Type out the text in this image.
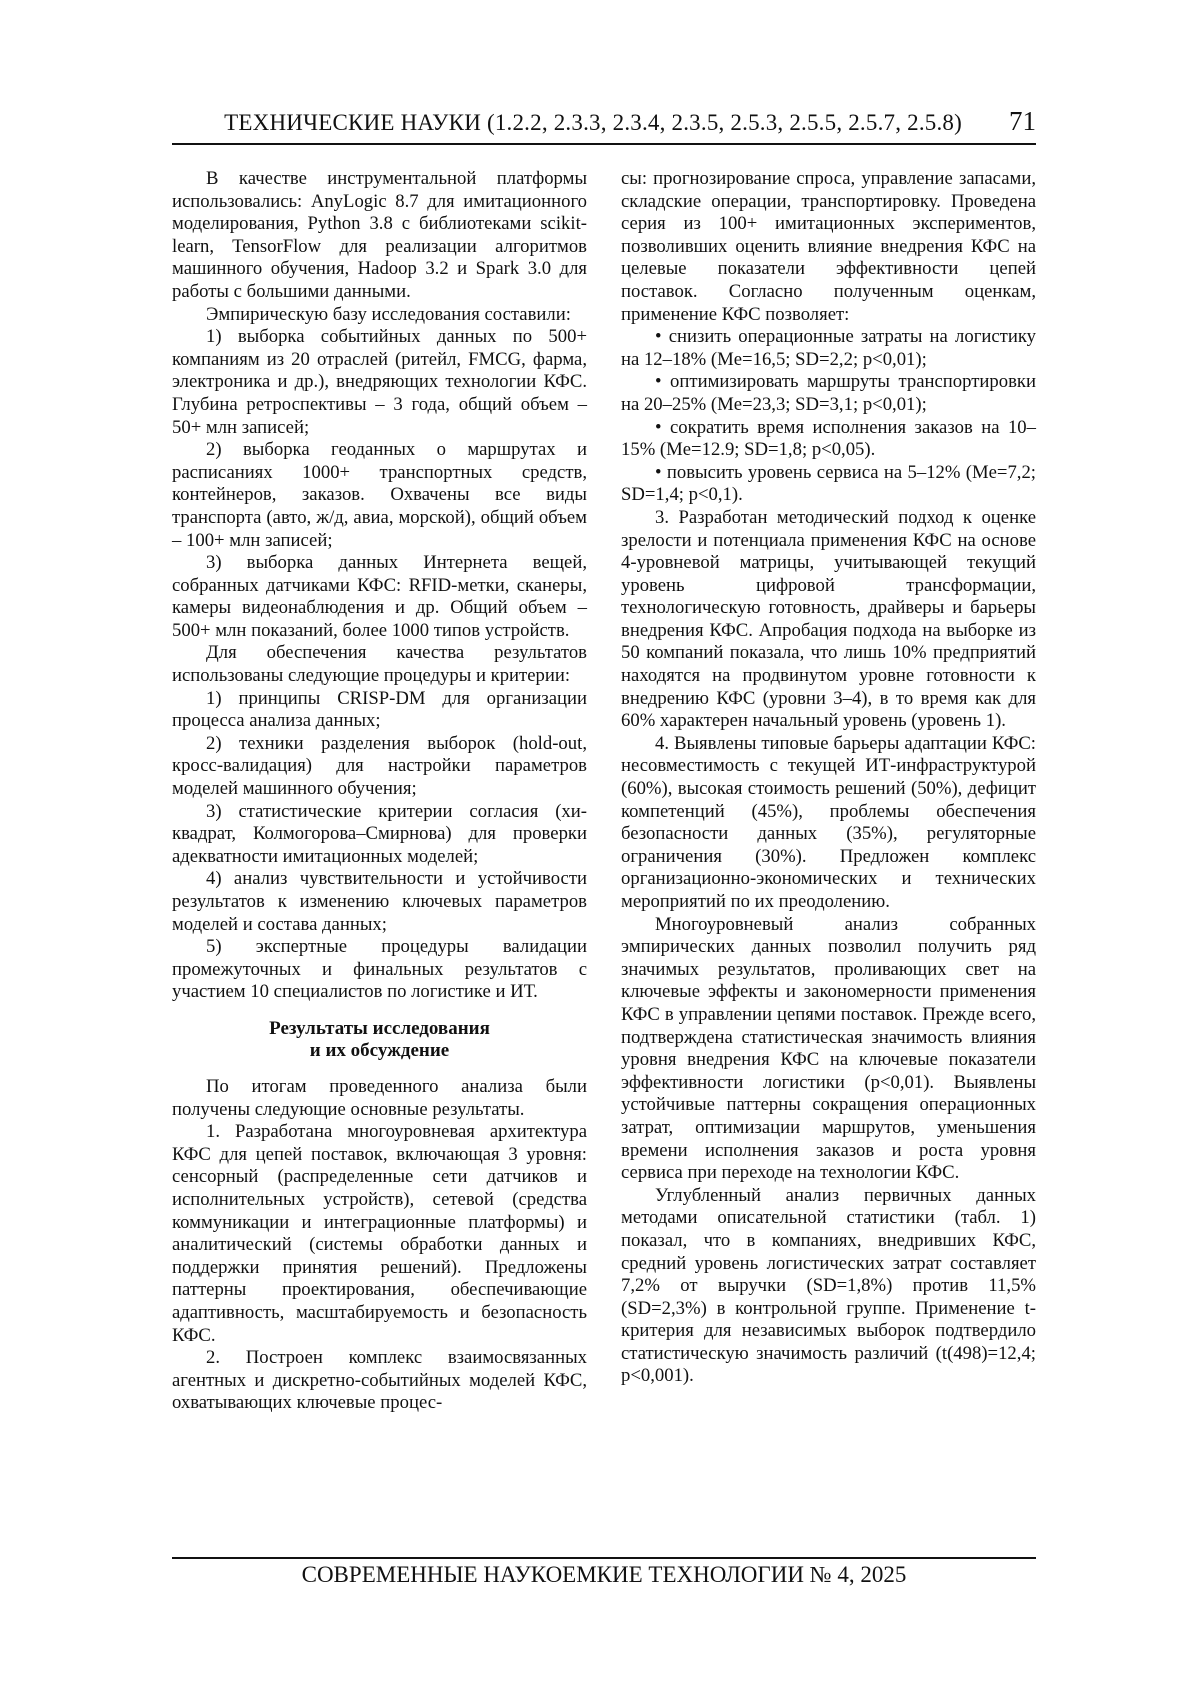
ТЕХНИЧЕСКИЕ НАУКИ (1.2.2, 2.3.3, 2.3.4, 2.3.5, 2.5.3, 2.5.5, 2.5.7, 2.5.8) 71

В качестве инструментальной платформы использовались: AnyLogic 8.7 для имитационного моделирования, Python 3.8 с библиотеками scikit-learn, TensorFlow для реализации алгоритмов машинного обучения, Hadoop 3.2 и Spark 3.0 для работы с большими данными.

Эмпирическую базу исследования составили:

1) выборка событийных данных по 500+ компаниям из 20 отраслей (ритейл, FMCG, фарма, электроника и др.), внедряющих технологии КФС. Глубина ретроспективы – 3 года, общий объем – 50+ млн записей;

2) выборка геоданных о маршрутах и расписаниях 1000+ транспортных средств, контейнеров, заказов. Охвачены все виды транспорта (авто, ж/д, авиа, морской), общий объем – 100+ млн записей;

3) выборка данных Интернета вещей, собранных датчиками КФС: RFID-метки, сканеры, камеры видеонаблюдения и др. Общий объем – 500+ млн показаний, более 1000 типов устройств.

Для обеспечения качества результатов использованы следующие процедуры и критерии:

1) принципы CRISP-DM для организации процесса анализа данных;

2) техники разделения выборок (hold-out, кросс-валидация) для настройки параметров моделей машинного обучения;

3) статистические критерии согласия (хи-квадрат, Колмогорова–Смирнова) для проверки адекватности имитационных моделей;

4) анализ чувствительности и устойчивости результатов к изменению ключевых параметров моделей и состава данных;

5) экспертные процедуры валидации промежуточных и финальных результатов с участием 10 специалистов по логистике и ИТ.

Результаты исследования
и их обсуждение

По итогам проведенного анализа были получены следующие основные результаты.

1. Разработана многоуровневая архитектура КФС для цепей поставок, включающая 3 уровня: сенсорный (распределенные сети датчиков и исполнительных устройств), сетевой (средства коммуникации и интеграционные платформы) и аналитический (системы обработки данных и поддержки принятия решений). Предложены паттерны проектирования, обеспечивающие адаптивность, масштабируемость и безопасность КФС.

2. Построен комплекс взаимосвязанных агентных и дискретно-событийных моделей КФС, охватывающих ключевые процес-

сы: прогнозирование спроса, управление запасами, складские операции, транспортировку. Проведена серия из 100+ имитационных экспериментов, позволивших оценить влияние внедрения КФС на целевые показатели эффективности цепей поставок. Согласно полученным оценкам, применение КФС позволяет:

• снизить операционные затраты на логистику на 12–18% (Me=16,5; SD=2,2; p<0,01);

• оптимизировать маршруты транспортировки на 20–25% (Me=23,3; SD=3,1; p<0,01);

• сократить время исполнения заказов на 10–15% (Me=12.9; SD=1,8; p<0,05).

• повысить уровень сервиса на 5–12% (Me=7,2; SD=1,4; p<0,1).

3. Разработан методический подход к оценке зрелости и потенциала применения КФС на основе 4-уровневой матрицы, учитывающей текущий уровень цифровой трансформации, технологическую готовность, драйверы и барьеры внедрения КФС. Апробация подхода на выборке из 50 компаний показала, что лишь 10% предприятий находятся на продвинутом уровне готовности к внедрению КФС (уровни 3–4), в то время как для 60% характерен начальный уровень (уровень 1).

4. Выявлены типовые барьеры адаптации КФС: несовместимость с текущей ИТ-инфраструктурой (60%), высокая стоимость решений (50%), дефицит компетенций (45%), проблемы обеспечения безопасности данных (35%), регуляторные ограничения (30%). Предложен комплекс организационно-экономических и технических мероприятий по их преодолению.

Многоуровневый анализ собранных эмпирических данных позволил получить ряд значимых результатов, проливающих свет на ключевые эффекты и закономерности применения КФС в управлении цепями поставок. Прежде всего, подтверждена статистическая значимость влияния уровня внедрения КФС на ключевые показатели эффективности логистики (p<0,01). Выявлены устойчивые паттерны сокращения операционных затрат, оптимизации маршрутов, уменьшения времени исполнения заказов и роста уровня сервиса при переходе на технологии КФС.

Углубленный анализ первичных данных методами описательной статистики (табл. 1) показал, что в компаниях, внедривших КФС, средний уровень логистических затрат составляет 7,2% от выручки (SD=1,8%) против 11,5% (SD=2,3%) в контрольной группе. Применение t-критерия для независимых выборок подтвердило статистическую значимость различий (t(498)=12,4; p<0,001).

СОВРЕМЕННЫЕ НАУКОЕМКИЕ ТЕХНОЛОГИИ № 4, 2025
